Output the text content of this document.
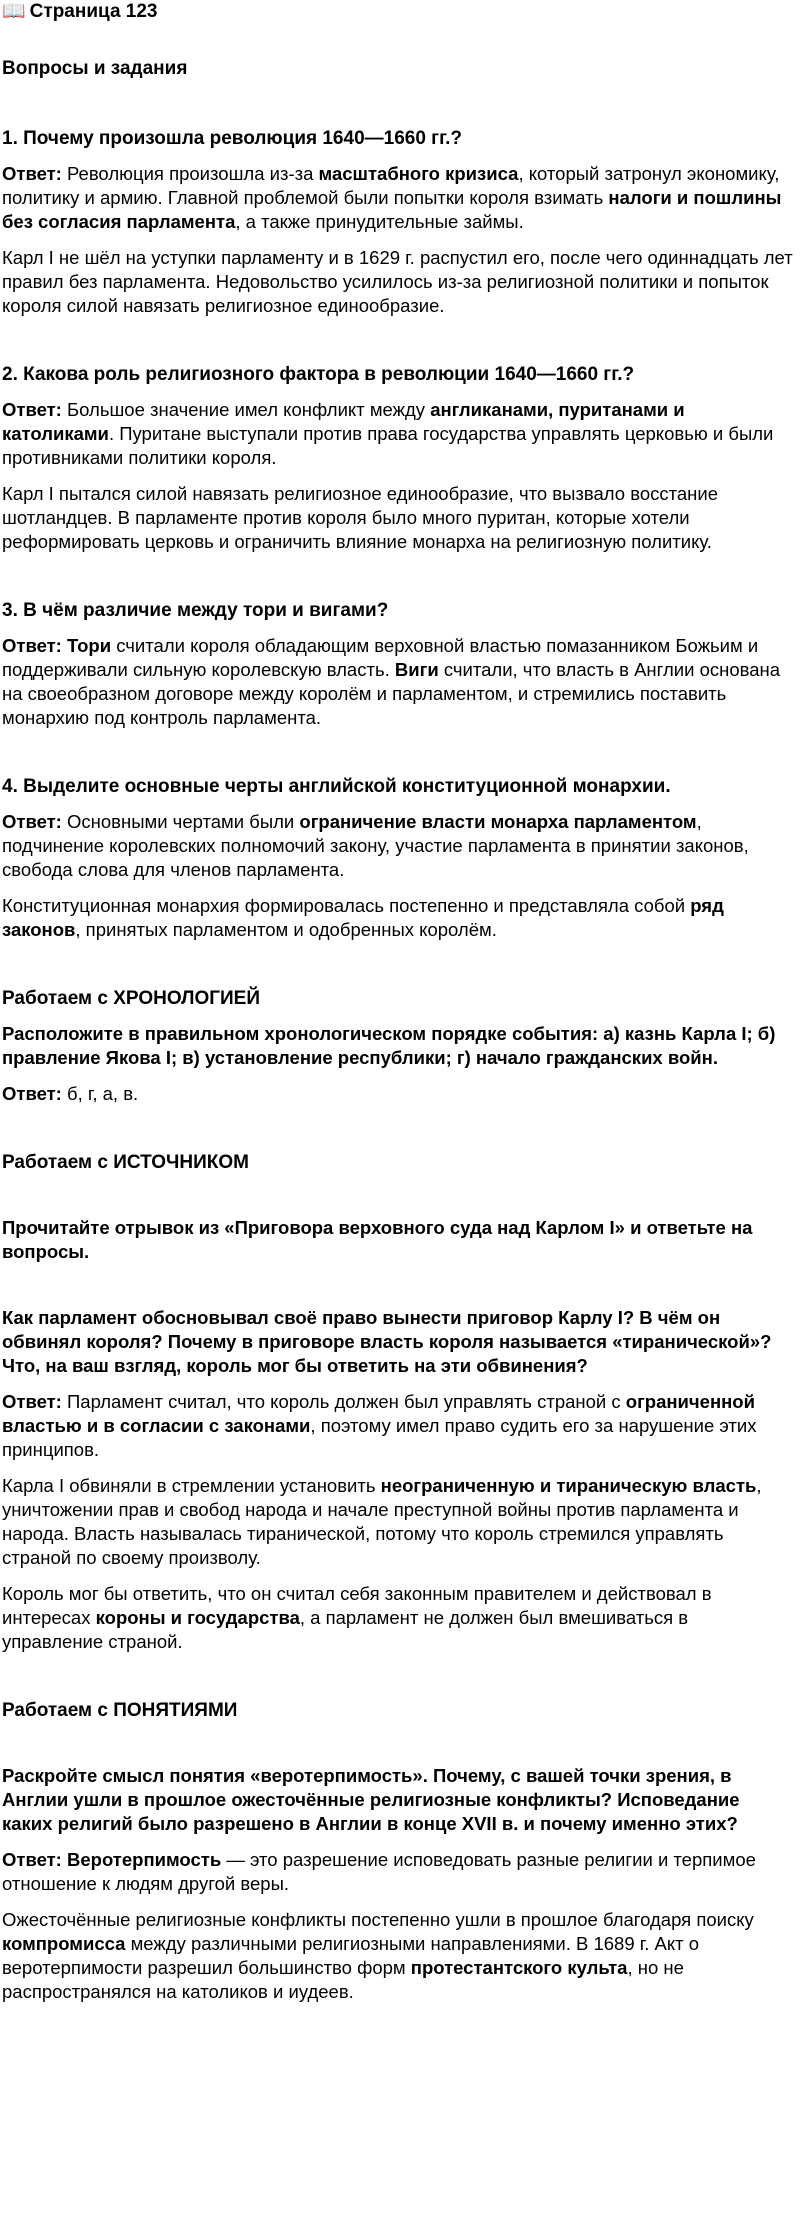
📖 Страница 123
Вопросы и задания
1. Почему произошла революция 1640—1660 гг.?

Ответ: Революция произошла из-за масштабного кризиса, который затронул экономику, политику и армию. Главной проблемой были попытки короля взимать налоги и пошлины без согласия парламента, а также принудительные займы.

Карл I не шёл на уступки парламенту и в 1629 г. распустил его, после чего одиннадцать лет правил без парламента. Недовольство усилилось из-за религиозной политики и попыток короля силой навязать религиозное единообразие.

2. Какова роль религиозного фактора в революции 1640—1660 гг.?

Ответ: Большое значение имел конфликт между англиканами, пуританами и католиками. Пуритане выступали против права государства управлять церковью и были противниками политики короля.

Карл I пытался силой навязать религиозное единообразие, что вызвало восстание шотландцев. В парламенте против короля было много пуритан, которые хотели реформировать церковь и ограничить влияние монарха на религиозную политику.

3. В чём различие между тори и вигами?

Ответ: Тори считали короля обладающим верховной властью помазанником Божьим и поддерживали сильную королевскую власть. Виги считали, что власть в Англии основана на своеобразном договоре между королём и парламентом, и стремились поставить монархию под контроль парламента.

4. Выделите основные черты английской конституционной монархии.

Ответ: Основными чертами были ограничение власти монарха парламентом, подчинение королевских полномочий закону, участие парламента в принятии законов, свобода слова для членов парламента.

Конституционная монархия формировалась постепенно и представляла собой ряд законов, принятых парламентом и одобренных королём.

Работаем с ХРОНОЛОГИЕЙ

Расположите в правильном хронологическом порядке события: а) казнь Карла I; б) правление Якова I; в) установление республики; г) начало гражданских войн.

Ответ: б, г, а, в.

Работаем с ИСТОЧНИКОМ

Прочитайте отрывок из «Приговора верховного суда над Карлом I» и ответьте на вопросы.

Как парламент обосновывал своё право вынести приговор Карлу I? В чём он обвинял короля? Почему в приговоре власть короля называется «тиранической»? Что, на ваш взгляд, король мог бы ответить на эти обвинения?

Ответ: Парламент считал, что король должен был управлять страной с ограниченной властью и в согласии с законами, поэтому имел право судить его за нарушение этих принципов.

Карла I обвиняли в стремлении установить неограниченную и тираническую власть, уничтожении прав и свобод народа и начале преступной войны против парламента и народа. Власть называлась тиранической, потому что король стремился управлять страной по своему произволу.

Король мог бы ответить, что он считал себя законным правителем и действовал в интересах короны и государства, а парламент не должен был вмешиваться в управление страной.

Работаем с ПОНЯТИЯМИ

Раскройте смысл понятия «веротерпимость». Почему, с вашей точки зрения, в Англии ушли в прошлое ожесточённые религиозные конфликты? Исповедание каких религий было разрешено в Англии в конце XVII в. и почему именно этих?

Ответ: Веротерпимость — это разрешение исповедовать разные религии и терпимое отношение к людям другой веры.

Ожесточённые религиозные конфликты постепенно ушли в прошлое благодаря поиску компромисса между различными религиозными направлениями. В 1689 г. Акт о веротерпимости разрешил большинство форм протестантского культа, но не распространялся на католиков и иудеев.
